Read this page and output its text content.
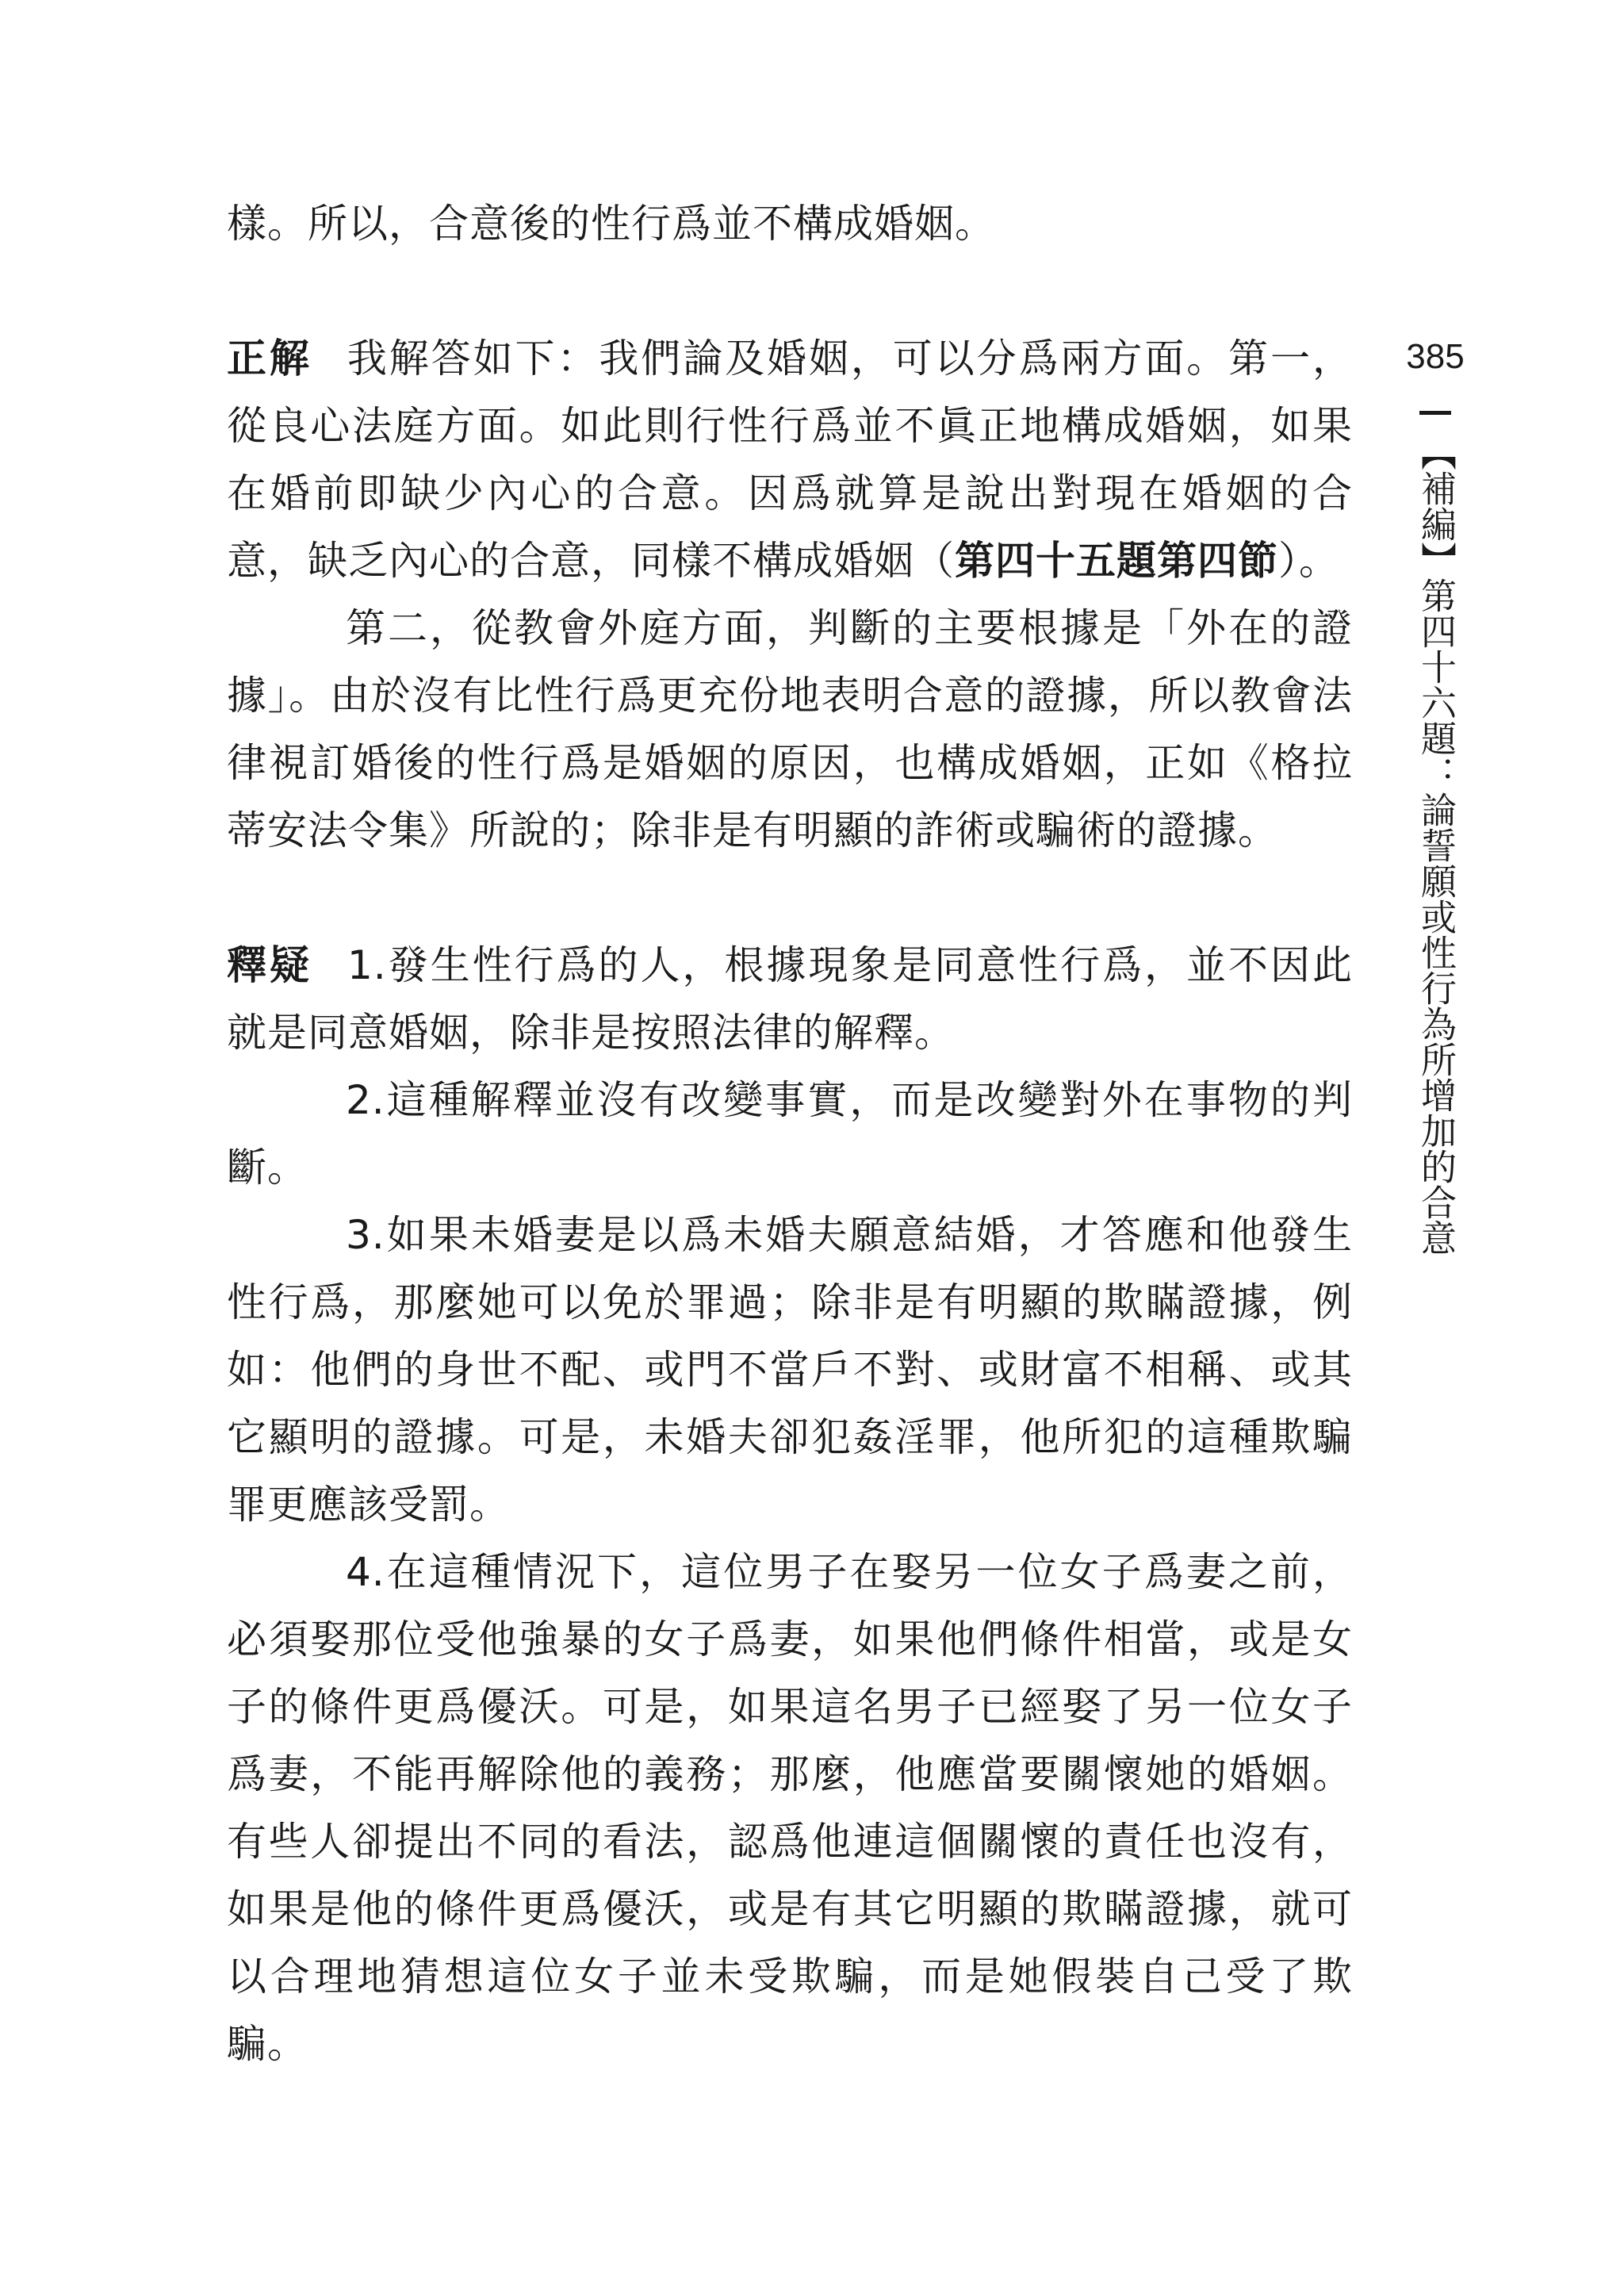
樣。所以，合意後的性行爲並不構成婚姻。

正解 我解答如下：我們論及婚姻，可以分爲兩方面。第一，從良心法庭方面。如此則行性行爲並不眞正地構成婚姻，如果在婚前即缺少內心的合意。因爲就算是說出對現在婚姻的合意，缺乏內心的合意，同樣不構成婚姻（第四十五題第四節）。

第二，從教會外庭方面，判斷的主要根據是「外在的證據」。由於沒有比性行爲更充份地表明合意的證據，所以教會法律視訂婚後的性行爲是婚姻的原因，也構成婚姻，正如《格拉蒂安法令集》所說的；除非是有明顯的詐術或騙術的證據。

釋疑 1.發生性行爲的人，根據現象是同意性行爲，並不因此就是同意婚姻，除非是按照法律的解釋。

2.這種解釋並沒有改變事實，而是改變對外在事物的判斷。

3.如果未婚妻是以爲未婚夫願意結婚，才答應和他發生性行爲，那麼她可以免於罪過；除非是有明顯的欺瞞證據，例如：他們的身世不配、或門不當戶不對、或財富不相稱、或其它顯明的證據。可是，未婚夫卻犯姦淫罪，他所犯的這種欺騙罪更應該受罰。

4.在這種情況下，這位男子在娶另一位女子爲妻之前，必須娶那位受他強暴的女子爲妻，如果他們條件相當，或是女子的條件更爲優沃。可是，如果這名男子已經娶了另一位女子爲妻，不能再解除他的義務；那麼，他應當要關懷她的婚姻。有些人卻提出不同的看法，認爲他連這個關懷的責任也沒有，如果是他的條件更爲優沃，或是有其它明顯的欺瞞證據，就可以合理地猜想這位女子並未受欺騙，而是她假裝自己受了欺騙。

385
【補編】第四十六題：論誓願或性行為所增加的合意
